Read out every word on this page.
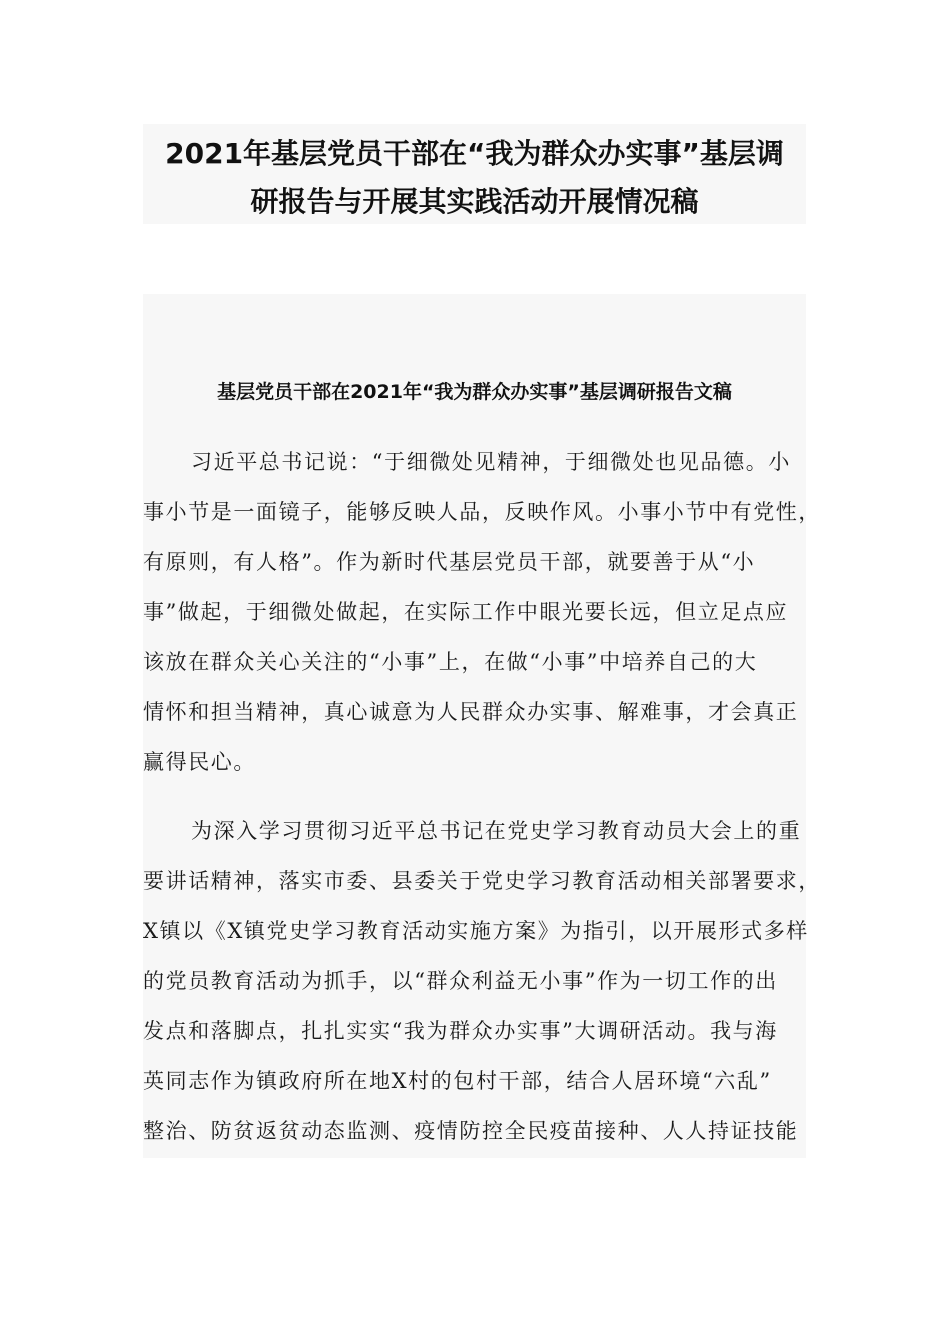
2021年基层党员干部在“我为群众办实事”基层调
研报告与开展其实践活动开展情况稿
基层党员干部在2021年“我为群众办实事”基层调研报告文稿
习近平总书记说：“于细微处见精神，于细微处也见品德。小
事小节是一面镜子，能够反映人品，反映作风。小事小节中有党性，
有原则，有人格”。作为新时代基层党员干部，就要善于从“小
事”做起，于细微处做起，在实际工作中眼光要长远，但立足点应
该放在群众关心关注的“小事”上，在做“小事”中培养自己的大
情怀和担当精神，真心诚意为人民群众办实事、解难事，才会真正
赢得民心。
为深入学习贯彻习近平总书记在党史学习教育动员大会上的重
要讲话精神，落实市委、县委关于党史学习教育活动相关部署要求，
X镇以《X镇党史学习教育活动实施方案》为指引，以开展形式多样
的党员教育活动为抓手，以“群众利益无小事”作为一切工作的出
发点和落脚点，扎扎实实“我为群众办实事”大调研活动。我与海
英同志作为镇政府所在地X村的包村干部，结合人居环境“六乱”
整治、防贫返贫动态监测、疫情防控全民疫苗接种、人人持证技能
